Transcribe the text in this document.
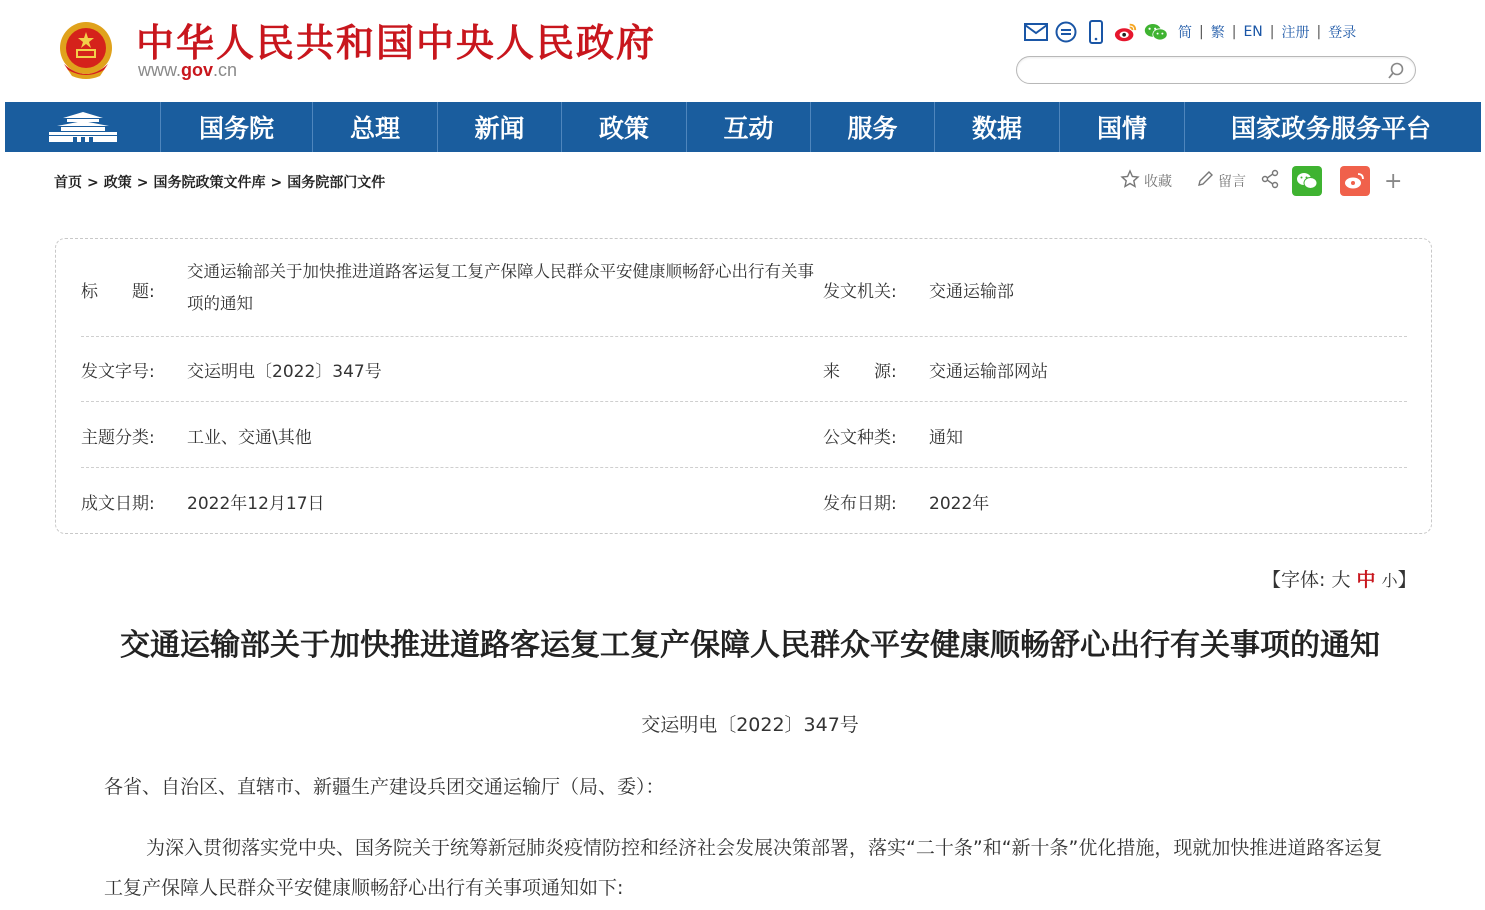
中华人民共和国中央人民政府
www.gov.cn
简 | 繁 | EN | 注册 | 登录
国务院	总理	新闻	政策	互动	服务	数据	国情	国家政务服务平台
首页 > 政策 > 国务院政策文件库 > 国务院部门文件	收藏	留言	+
标　　题:
交通运输部关于加快推进道路客运复工复产保障人民群众平安健康顺畅舒心出行有关事项的通知
发文机关: 交通运输部
发文字号: 交运明电〔2022〕347号	来　　源: 交通运输部网站
主题分类: 工业、交通\其他	公文种类: 通知
成文日期: 2022年12月17日	发布日期: 2022年
【字体: 大 中 小】
交通运输部关于加快推进道路客运复工复产保障人民群众平安健康顺畅舒心出行有关事项的通知
交运明电〔2022〕347号
各省、自治区、直辖市、新疆生产建设兵团交通运输厅（局、委）：
为深入贯彻落实党中央、国务院关于统筹新冠肺炎疫情防控和经济社会发展决策部署，落实“二十条”和“新十条”优化措施，现就加快推进道路客运复工复产保障人民群众平安健康顺畅舒心出行有关事项通知如下:
